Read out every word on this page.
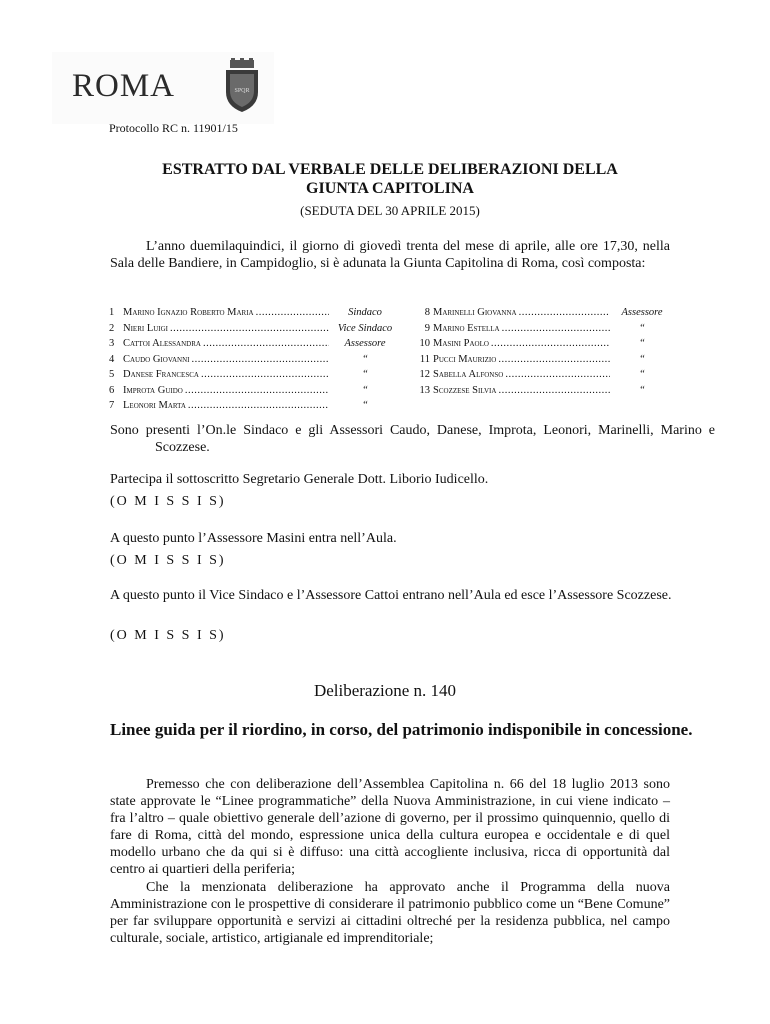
ROMA	SPQR
Protocollo RC n. 11901/15
ESTRATTO DAL VERBALE DELLE DELIBERAZIONI DELLA
GIUNTA CAPITOLINA
(SEDUTA DEL 30 APRILE 2015)

L’anno duemilaquindici, il giorno di giovedì trenta del mese di aprile, alle ore 17,30, nella Sala delle Bandiere, in Campidoglio, si è adunata la Giunta Capitolina di Roma, così composta:

1 Marino Ignazio Roberto Maria .....	Sindaco
2 Nieri Luigi .....	Vice Sindaco
3 Cattoi Alessandra .....	Assessore
4 Caudo Giovanni .....	“
5 Danese Francesca .....	“
6 Improta Guido .....	“
7 Leonori Marta .....	“
8 Marinelli Giovanna .....	Assessore
9 Marino Estella .....	“
10 Masini Paolo .....	“
11 Pucci Maurizio .....	“
12 Sabella Alfonso .....	“
13 Scozzese Silvia .....	“

Sono presenti l’On.le Sindaco e gli Assessori Caudo, Danese, Improta, Leonori, Marinelli, Marino e Scozzese.

Partecipa il sottoscritto Segretario Generale Dott. Liborio Iudicello.

(O M I S S I S)

A questo punto l’Assessore Masini entra nell’Aula.

(O M I S S I S)

A questo punto il Vice Sindaco e l’Assessore Cattoi entrano nell’Aula ed esce l’Assessore Scozzese.

(O M I S S I S)
Deliberazione n. 140
Linee guida per il riordino, in corso, del patrimonio indisponibile in concessione.

Premesso che con deliberazione dell’Assemblea Capitolina n. 66 del 18 luglio 2013 sono state approvate le “Linee programmatiche” della Nuova Amministrazione, in cui viene indicato – fra l’altro – quale obiettivo generale dell’azione di governo, per il prossimo quinquennio, quello di fare di Roma, città del mondo, espressione unica della cultura europea e occidentale e di quel modello urbano che da qui si è diffuso: una città accogliente inclusiva, ricca di opportunità dal centro ai quartieri della periferia;

Che la menzionata deliberazione ha approvato anche il Programma della nuova Amministrazione con le prospettive di considerare il patrimonio pubblico come un “Bene Comune” per far sviluppare opportunità e servizi ai cittadini oltreché per la residenza pubblica, nel campo culturale, sociale, artistico, artigianale ed imprenditoriale;
